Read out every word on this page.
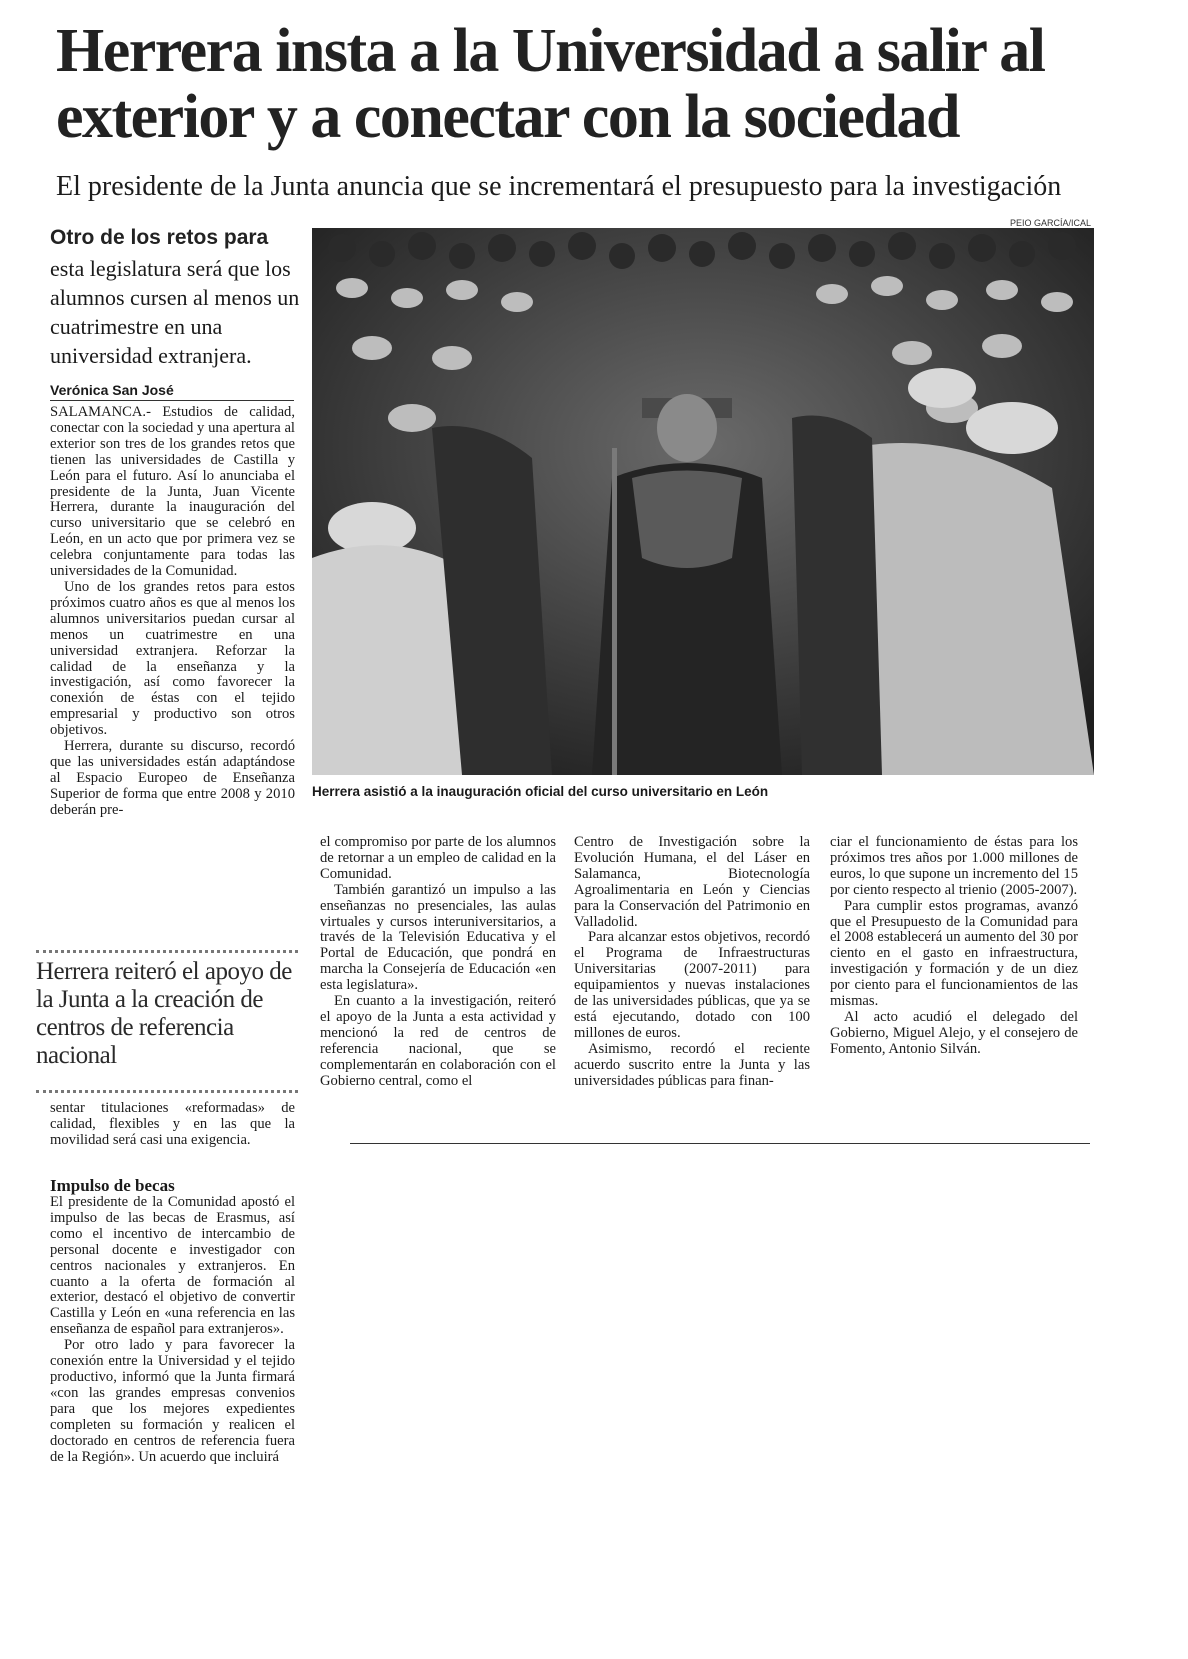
Herrera insta a la Universidad a salir al exterior y a conectar con la sociedad
El presidente de la Junta anuncia que se incrementará el presupuesto para la investigación
Otro de los retos para
esta legislatura será que los alumnos cursen al menos un cuatrimestre en una universidad extranjera.
Verónica San José

SALAMANCA.- Estudios de calidad, conectar con la sociedad y una apertura al exterior son tres de los grandes retos que tienen las universidades de Castilla y León para el futuro. Así lo anunciaba el presidente de la Junta, Juan Vicente Herrera, durante la inauguración del curso universitario que se celebró en León, en un acto que por primera vez se celebra conjuntamente para todas las universidades de la Comunidad.

Uno de los grandes retos para estos próximos cuatro años es que al menos los alumnos universitarios puedan cursar al menos un cuatrimestre en una universidad extranjera. Reforzar la calidad de la enseñanza y la investigación, así como favorecer la conexión de éstas con el tejido empresarial y productivo son otros objetivos.

Herrera, durante su discurso, recordó que las universidades están adaptándose al Espacio Europeo de Enseñanza Superior de forma que entre 2008 y 2010 deberán pre-

Herrera reiteró el apoyo de la Junta a la creación de centros de referencia nacional

sentar titulaciones «reformadas» de calidad, flexibles y en las que la movilidad será casi una exigencia.

Impulso de becas

El presidente de la Comunidad apostó el impulso de las becas de Erasmus, así como el incentivo de intercambio de personal docente e investigador con centros nacionales y extranjeros. En cuanto a la oferta de formación al exterior, destacó el objetivo de convertir Castilla y León en «una referencia en las enseñanza de español para extranjeros».

Por otro lado y para favorecer la conexión entre la Universidad y el tejido productivo, informó que la Junta firmará «con las grandes empresas convenios para que los mejores expedientes completen su formación y realicen el doctorado en centros de referencia fuera de la Región». Un acuerdo que incluirá

PEIO GARCÍA/ICAL
Herrera asistió a la inauguración oficial del curso universitario en León

el compromiso por parte de los alumnos de retornar a un empleo de calidad en la Comunidad.

También garantizó un impulso a las enseñanzas no presenciales, las aulas virtuales y cursos interuniversitarios, a través de la Televisión Educativa y el Portal de Educación, que pondrá en marcha la Consejería de Educación «en esta legislatura».

En cuanto a la investigación, reiteró el apoyo de la Junta a esta actividad y mencionó la red de centros de referencia nacional, que se complementarán en colaboración con el Gobierno central, como el

Centro de Investigación sobre la Evolución Humana, el del Láser en Salamanca, Biotecnología Agroalimentaria en León y Ciencias para la Conservación del Patrimonio en Valladolid.

Para alcanzar estos objetivos, recordó el Programa de Infraestructuras Universitarias (2007-2011) para equipamientos y nuevas instalaciones de las universidades públicas, que ya se está ejecutando, dotado con 100 millones de euros.

Asimismo, recordó el reciente acuerdo suscrito entre la Junta y las universidades públicas para finan-

ciar el funcionamiento de éstas para los próximos tres años por 1.000 millones de euros, lo que supone un incremento del 15 por ciento respecto al trienio (2005-2007).

Para cumplir estos programas, avanzó que el Presupuesto de la Comunidad para el 2008 establecerá un aumento del 30 por ciento en el gasto en infraestructura, investigación y formación y de un diez por ciento para el funcionamientos de las mismas.

Al acto acudió el delegado del Gobierno, Miguel Alejo, y el consejero de Fomento, Antonio Silván.
